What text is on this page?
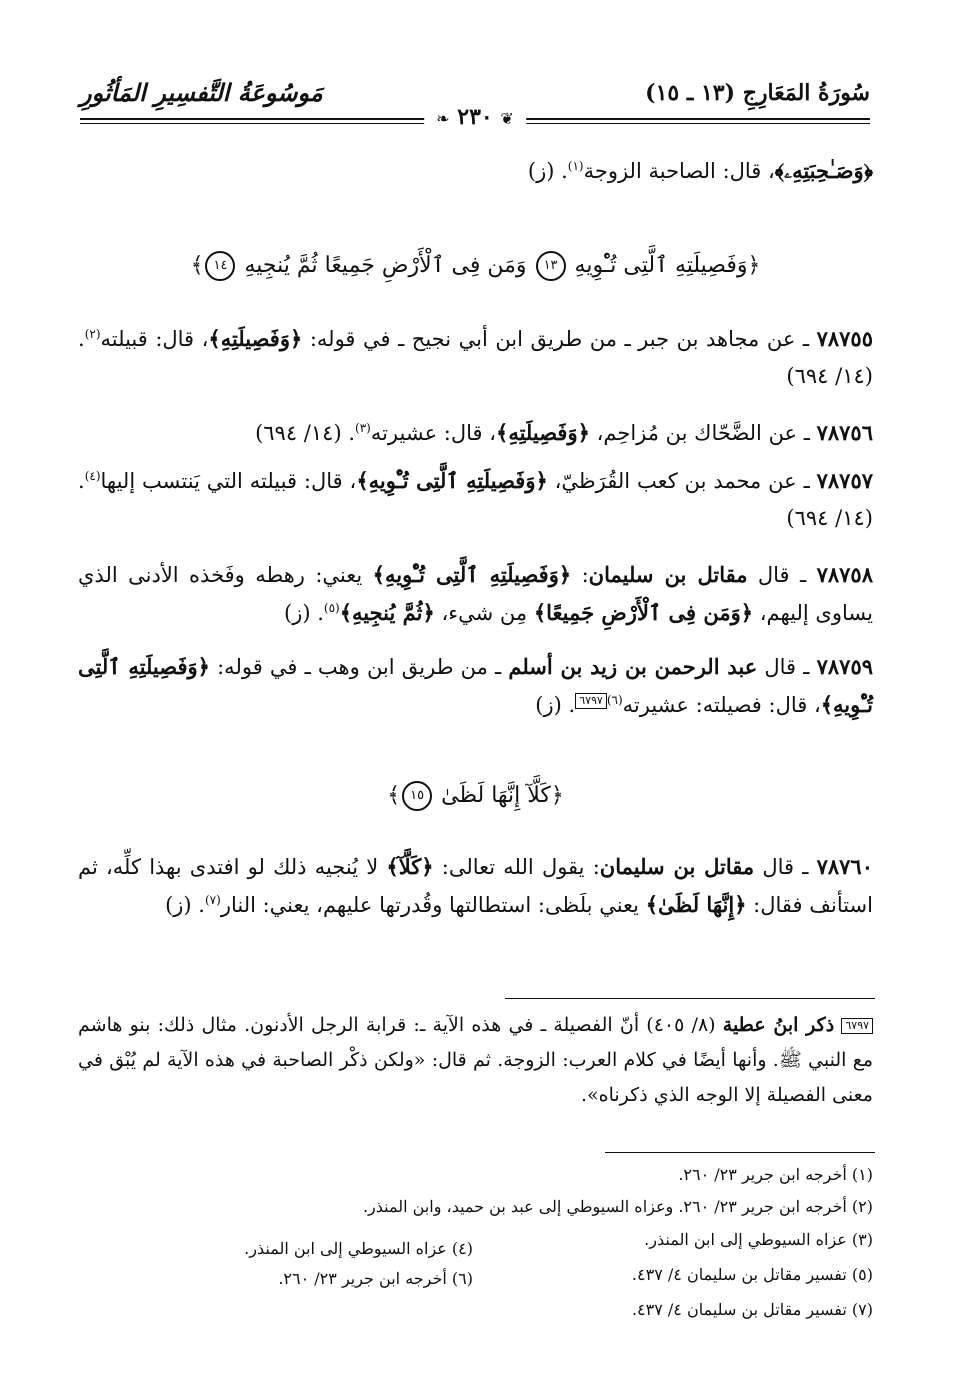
سُورَةُ المَعَارِجِ (١٣ ـ ١٥)
مَوسُوعَةُ التَّفسِيرِ المَأثُورِ
❦ ٢٣٠ ❧
﴿وَصَـٰحِبَتِهِۦ﴾، قال: الصاحبة الزوجة$^{(١)}$. (ز)
﴿وَفَصِيلَتِهِ ٱلَّتِى تُـْٔوِيهِ ١٣ وَمَن فِى ٱلْأَرْضِ جَمِيعًا ثُمَّ يُنجِيهِ ١٤﴾
٧٨٧٥٥ ـ عن مجاهد بن جبر ـ من طريق ابن أبي نجيح ـ في قوله: ﴿وَفَصِيلَتِهِ﴾، قال: قبيلته$^{(٢)}$. (١٤/ ٦٩٤)
٧٨٧٥٦ ـ عن الضَّحّاك بن مُزاحِم، ﴿وَفَصِيلَتِهِ﴾، قال: عشيرته$^{(٣)}$. (١٤/ ٦٩٤)
٧٨٧٥٧ ـ عن محمد بن كعب القُرَظيّ، ﴿وَفَصِيلَتِهِ ٱلَّتِى تُـْٔوِيهِ﴾، قال: قبيلته التي يَنتسب إليها$^{(٤)}$. (١٤/ ٦٩٤)
٧٨٧٥٨ ـ قال مقاتل بن سليمان: ﴿وَفَصِيلَتِهِ ٱلَّتِى تُـْٔوِيهِ﴾ يعني: رهطه وفَخذه الأدنى الذي يساوى إليهم، ﴿وَمَن فِى ٱلْأَرْضِ جَمِيعًا﴾ مِن شيء، ﴿ثُمَّ يُنجِيهِ﴾$^{(٥)}$. (ز)
٧٨٧٥٩ ـ قال عبد الرحمن بن زيد بن أسلم ـ من طريق ابن وهب ـ في قوله: ﴿وَفَصِيلَتِهِ ٱلَّتِى تُـْٔوِيهِ﴾، قال: فصيلته: عشيرته$^{(٦)}$٦٧٩٧. (ز)
﴿كَلَّآ إِنَّهَا لَظَىٰ ١٥﴾
٧٨٧٦٠ ـ قال مقاتل بن سليمان: يقول الله تعالى: ﴿كَلَّآ﴾ لا يُنجيه ذلك لو افتدى بهذا كلِّه، ثم استأنف فقال: ﴿إِنَّهَا لَظَىٰ﴾ يعني بلَظى: استطالتها وقُدرتها عليهم، يعني: النار$^{(٧)}$. (ز)
٦٧٩٧ ذكر ابنُ عطية (٨/ ٤٠٥) أنّ الفصيلة ـ في هذه الآية ـ: قرابة الرجل الأدنون. مثال ذلك: بنو هاشم مع النبي ﷺ. وأنها أيضًا في كلام العرب: الزوجة. ثم قال: «ولكن ذكْر الصاحبة في هذه الآية لم يُبْق في معنى الفصيلة إلا الوجه الذي ذكرناه».
(١) أخرجه ابن جرير ٢٣/ ٢٦٠.
(٢) أخرجه ابن جرير ٢٣/ ٢٦٠. وعزاه السيوطي إلى عبد بن حميد، وابن المنذر.
(٣) عزاه السيوطي إلى ابن المنذر.
(٤) عزاه السيوطي إلى ابن المنذر.
(٥) تفسير مقاتل بن سليمان ٤/ ٤٣٧.
(٦) أخرجه ابن جرير ٢٣/ ٢٦٠.
(٧) تفسير مقاتل بن سليمان ٤/ ٤٣٧.
